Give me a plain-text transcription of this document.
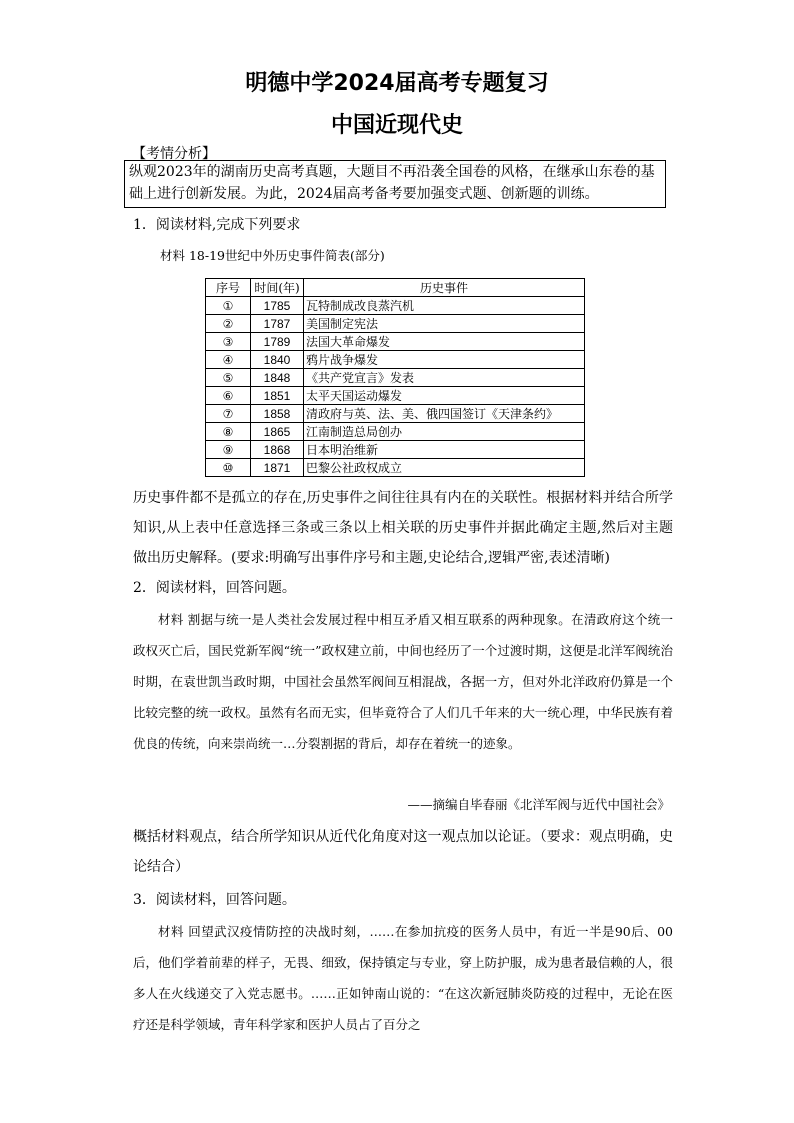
明德中学2024届高考专题复习
中国近现代史
【考情分析】
纵观2023年的湖南历史高考真题，大题目不再沿袭全国卷的风格，在继承山东卷的基础上进行创新发展。为此，2024届高考备考要加强变式题、创新题的训练。
1．阅读材料,完成下列要求
材料 18-19世纪中外历史事件简表(部分)
序号	时间(年)	历史事件
①	1785	瓦特制成改良蒸汽机
②	1787	美国制定宪法
③	1789	法国大革命爆发
④	1840	鸦片战争爆发
⑤	1848	《共产党宣言》发表
⑥	1851	太平天国运动爆发
⑦	1858	清政府与英、法、美、俄四国签订《天津条约》
⑧	1865	江南制造总局创办
⑨	1868	日本明治维新
⑩	1871	巴黎公社政权成立
历史事件都不是孤立的存在,历史事件之间往往具有内在的关联性。根据材料并结合所学知识,从上表中任意选择三条或三条以上相关联的历史事件并据此确定主题,然后对主题做出历史解释。(要求:明确写出事件序号和主题,史论结合,逻辑严密,表述清晰)
2．阅读材料，回答问题。
材料 割据与统一是人类社会发展过程中相互矛盾又相互联系的两种现象。在清政府这个统一政权灭亡后，国民党新军阀“统一”政权建立前，中间也经历了一个过渡时期，这便是北洋军阀统治时期，在袁世凯当政时期，中国社会虽然军阀间互相混战，各据一方，但对外北洋政府仍算是一个比较完整的统一政权。虽然有名而无实，但毕竟符合了人们几千年来的大一统心理，中华民族有着优良的传统，向来崇尚统一…分裂割据的背后，却存在着统一的迹象。
——摘编自毕春丽《北洋军阀与近代中国社会》
概括材料观点，结合所学知识从近代化角度对这一观点加以论证。（要求：观点明确，史论结合）
3．阅读材料，回答问题。
材料 回望武汉疫情防控的决战时刻，……在参加抗疫的医务人员中，有近一半是90后、00后，他们学着前辈的样子，无畏、细致，保持镇定与专业，穿上防护服，成为患者最信赖的人，很多人在火线递交了入党志愿书。……正如钟南山说的：“在这次新冠肺炎防疫的过程中，无论在医疗还是科学领域，青年科学家和医护人员占了百分之
